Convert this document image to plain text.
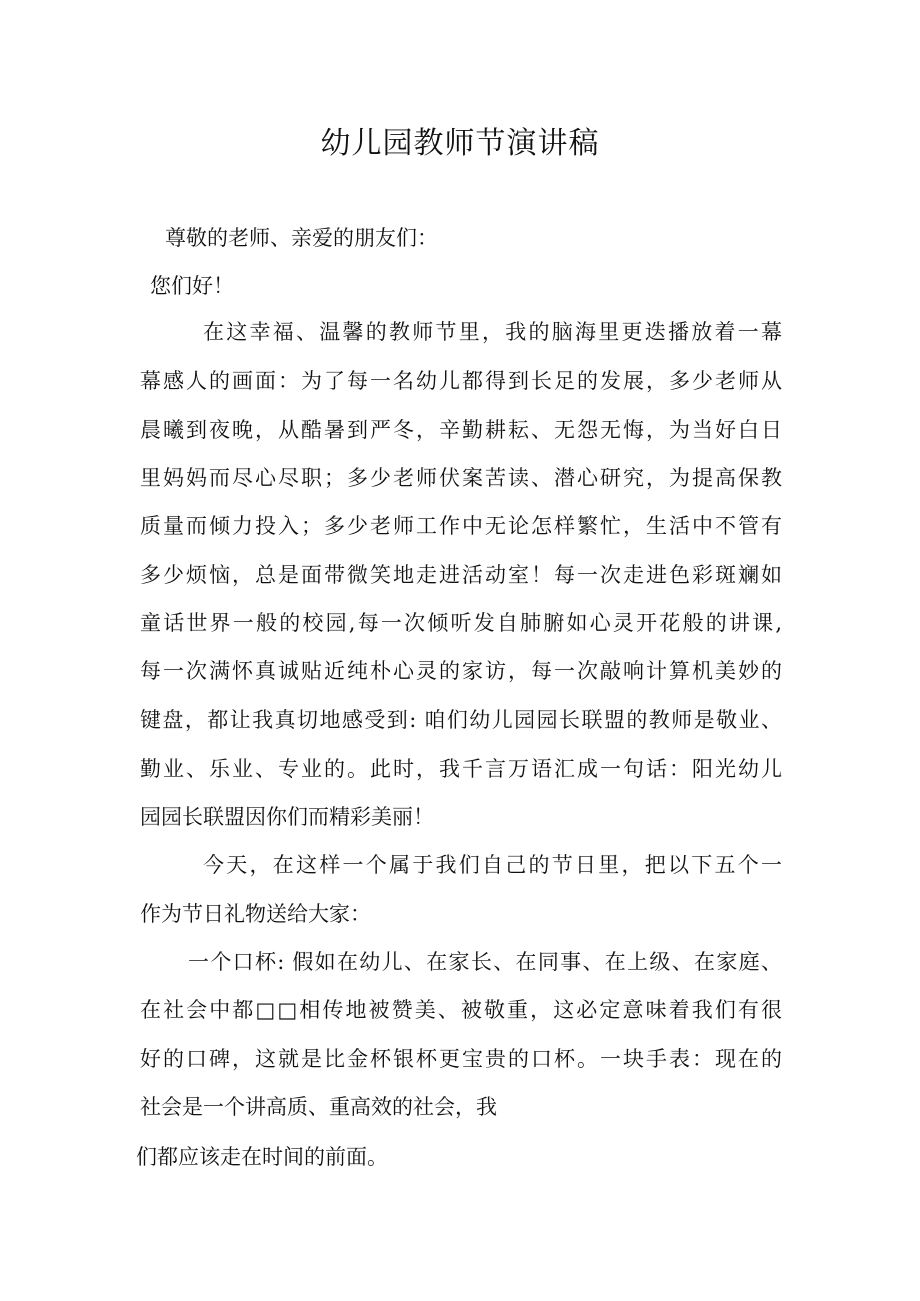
幼儿园教师节演讲稿
尊敬的老师、亲爱的朋友们：
您们好！
在这幸福、温馨的教师节里，我的脑海里更迭播放着一幕
幕感人的画面：为了每一名幼儿都得到长足的发展，多少老师从
晨曦到夜晚，从酷暑到严冬，辛勤耕耘、无怨无悔，为当好白日
里妈妈而尽心尽职；多少老师伏案苦读、潜心研究，为提高保教
质量而倾力投入；多少老师工作中无论怎样繁忙，生活中不管有
多少烦恼，总是面带微笑地走进活动室！每一次走进色彩斑斓如
童话世界一般的校园,每一次倾听发自肺腑如心灵开花般的讲课,
每一次满怀真诚贴近纯朴心灵的家访，每一次敲响计算机美妙的
键盘，都让我真切地感受到: 咱们幼儿园园长联盟的教师是敬业、
勤业、乐业、专业的。此时，我千言万语汇成一句话：阳光幼儿
园园长联盟因你们而精彩美丽！
今天，在这样一个属于我们自己的节日里，把以下五个一
作为节日礼物送给大家：
一个口杯: 假如在幼儿、在家长、在同事、在上级、在家庭、
在社会中都□□相传地被赞美、被敬重，这必定意味着我们有很
好的口碑，这就是比金杯银杯更宝贵的口杯。一块手表：现在的
社会是一个讲高质、重高效的社会，我
们都应该走在时间的前面。
